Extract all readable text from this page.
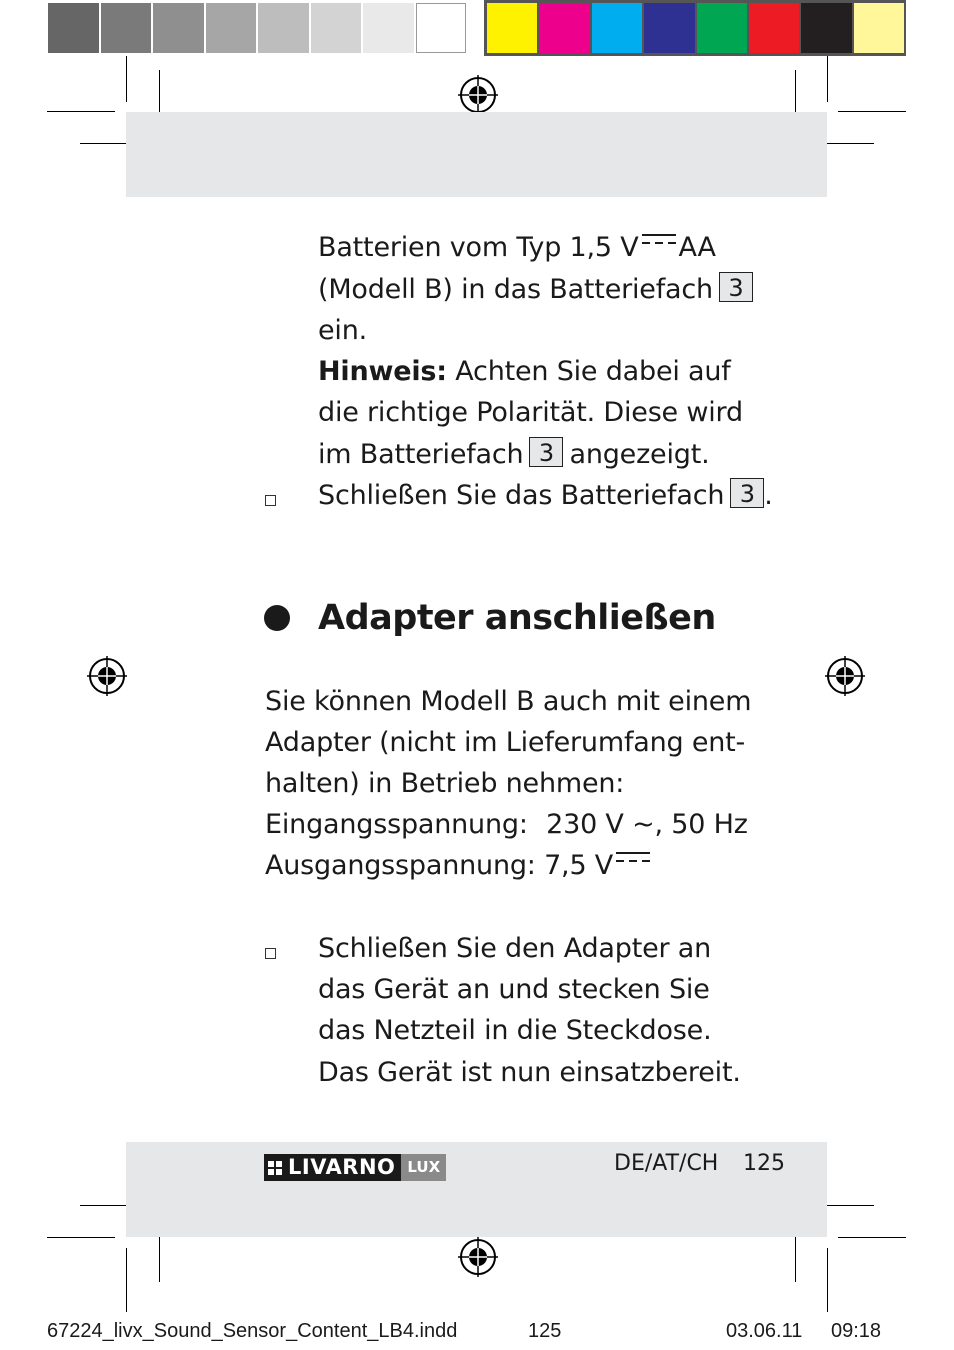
Batterien vom Typ 1,5 V AA
(Modell B) in das Batteriefach 3
ein.
Hinweis: Achten Sie dabei auf
die richtige Polarität. Diese wird
im Batteriefach 3 angezeigt.
Schließen Sie das Batteriefach 3 .
Adapter anschließen
Sie können Modell B auch mit einem
Adapter (nicht im Lieferumfang ent-
halten) in Betrieb nehmen:
Eingangsspannung: 230 V ~, 50 Hz
Ausgangsspannung: 7,5 V
Schließen Sie den Adapter an
das Gerät an und stecken Sie
das Netzteil in die Steckdose.
Das Gerät ist nun einsatzbereit.
LIVARNO LUX	DE/AT/CH 125
67224_livx_Sound_Sensor_Content_LB4.indd	125	03.06.11 09:18
